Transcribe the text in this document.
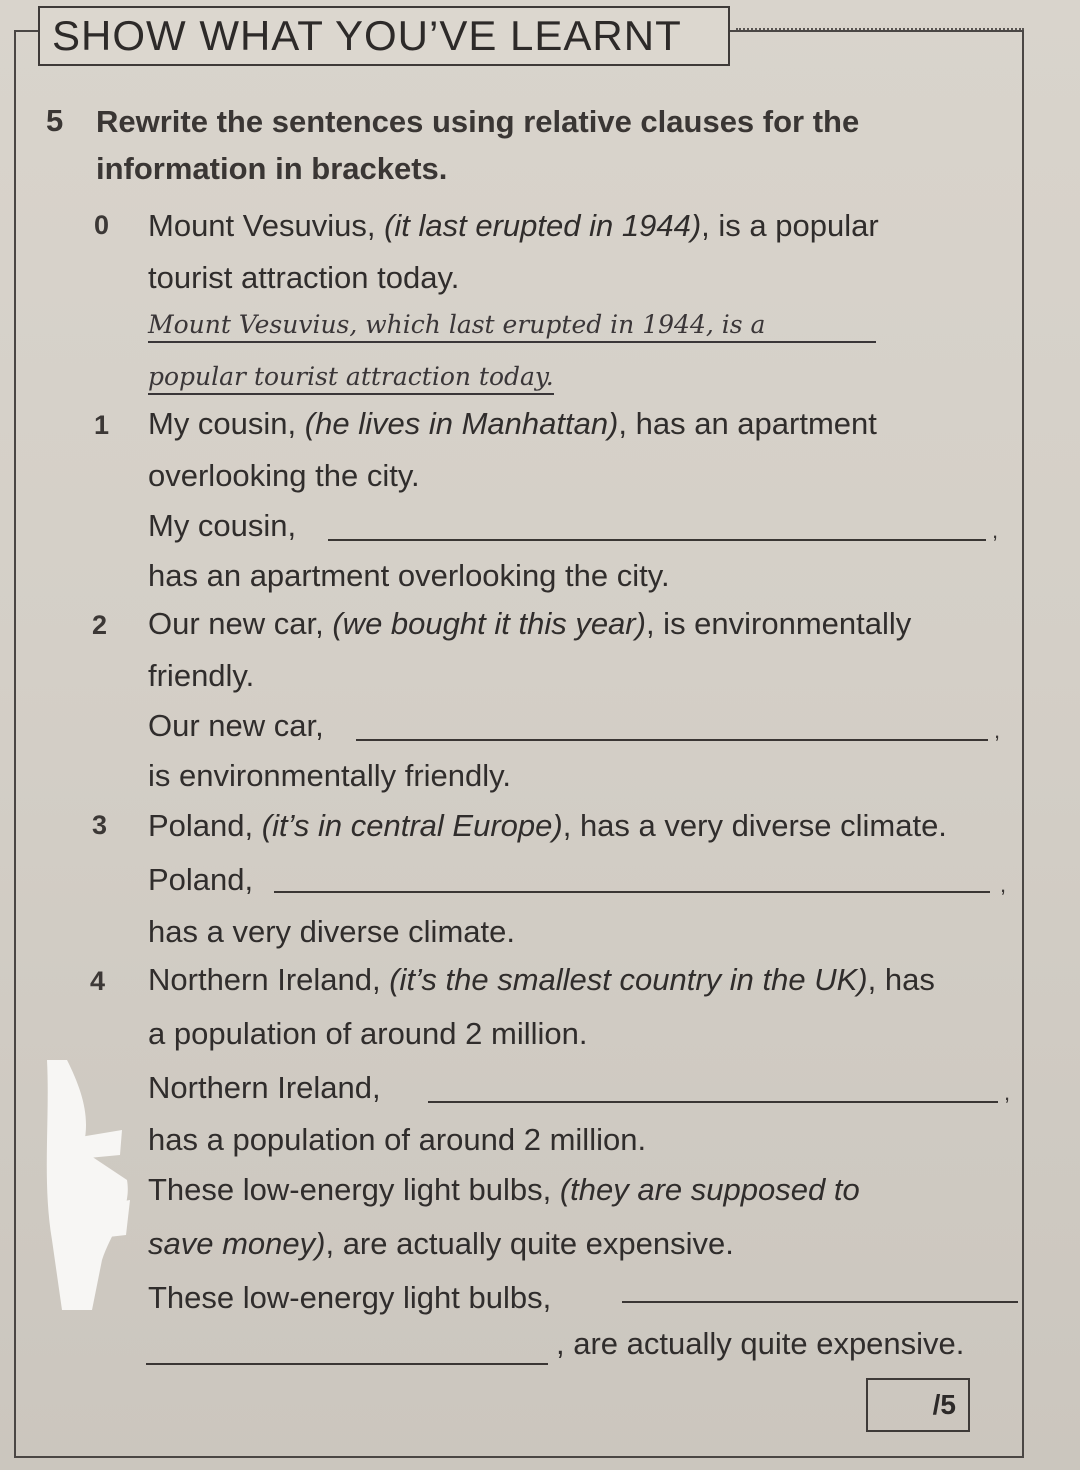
SHOW WHAT YOU’VE LEARNT
5 Rewrite the sentences using relative clauses for the
information in brackets.
0 Mount Vesuvius, (it last erupted in 1944), is a popular
tourist attraction today.
Mount Vesuvius, which last erupted in 1944, is a
popular tourist attraction today.
1 My cousin, (he lives in Manhattan), has an apartment
overlooking the city.
My cousin,	,
has an apartment overlooking the city.
2 Our new car, (we bought it this year), is environmentally
friendly.
Our new car,	,
is environmentally friendly.
3 Poland, (it’s in central Europe), has a very diverse climate.
Poland,	,
has a very diverse climate.
4 Northern Ireland, (it’s the smallest country in the UK), has
a population of around 2 million.
Northern Ireland,	,
has a population of around 2 million.
These low-energy light bulbs, (they are supposed to
save money), are actually quite expensive.
These low-energy light bulbs,
, are actually quite expensive.
/5
